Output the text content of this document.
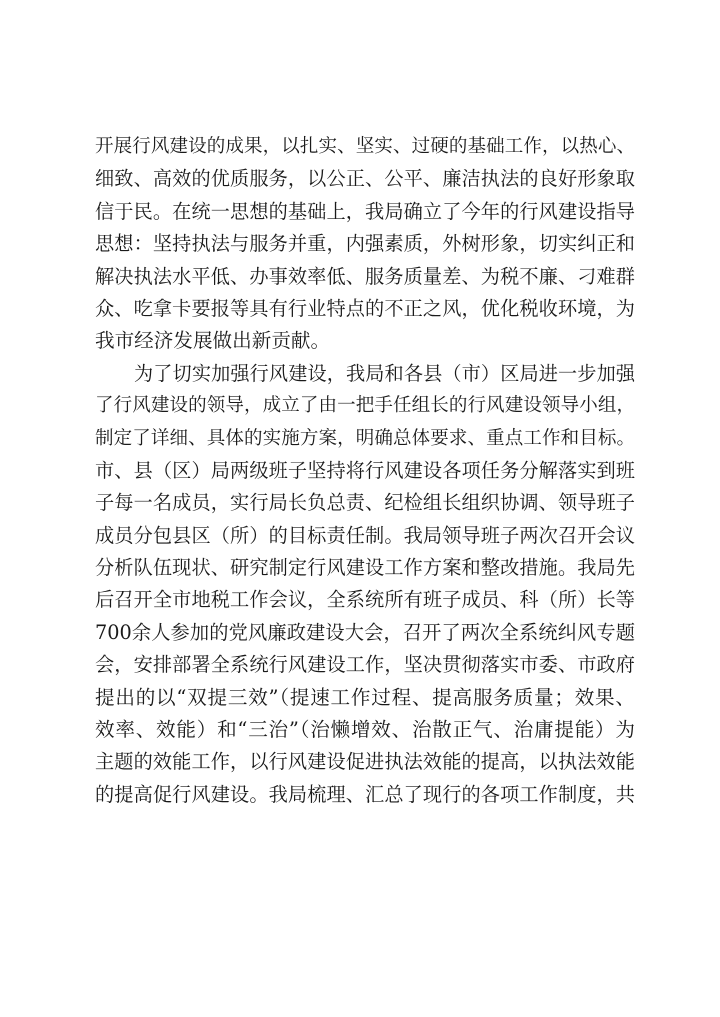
开展行风建设的成果，以扎实、坚实、过硬的基础工作，以热心、
细致、高效的优质服务，以公正、公平、廉洁执法的良好形象取
信于民。在统一思想的基础上，我局确立了今年的行风建设指导
思想：坚持执法与服务并重，内强素质，外树形象，切实纠正和
解决执法水平低、办事效率低、服务质量差、为税不廉、刁难群
众、吃拿卡要报等具有行业特点的不正之风，优化税收环境，为
我市经济发展做出新贡献。
为了切实加强行风建设，我局和各县（市）区局进一步加强
了行风建设的领导，成立了由一把手任组长的行风建设领导小组，
制定了详细、具体的实施方案，明确总体要求、重点工作和目标。
市、县（区）局两级班子坚持将行风建设各项任务分解落实到班
子每一名成员，实行局长负总责、纪检组长组织协调、领导班子
成员分包县区（所）的目标责任制。我局领导班子两次召开会议
分析队伍现状、研究制定行风建设工作方案和整改措施。我局先
后召开全市地税工作会议，全系统所有班子成员、科（所）长等
700余人参加的党风廉政建设大会，召开了两次全系统纠风专题
会，安排部署全系统行风建设工作，坚决贯彻落实市委、市政府
提出的以“双提三效”（提速工作过程、提高服务质量；效果、
效率、效能）和“三治”（治懒增效、治散正气、治庸提能）为
主题的效能工作，以行风建设促进执法效能的提高，以执法效能
的提高促行风建设。我局梳理、汇总了现行的各项工作制度，共
